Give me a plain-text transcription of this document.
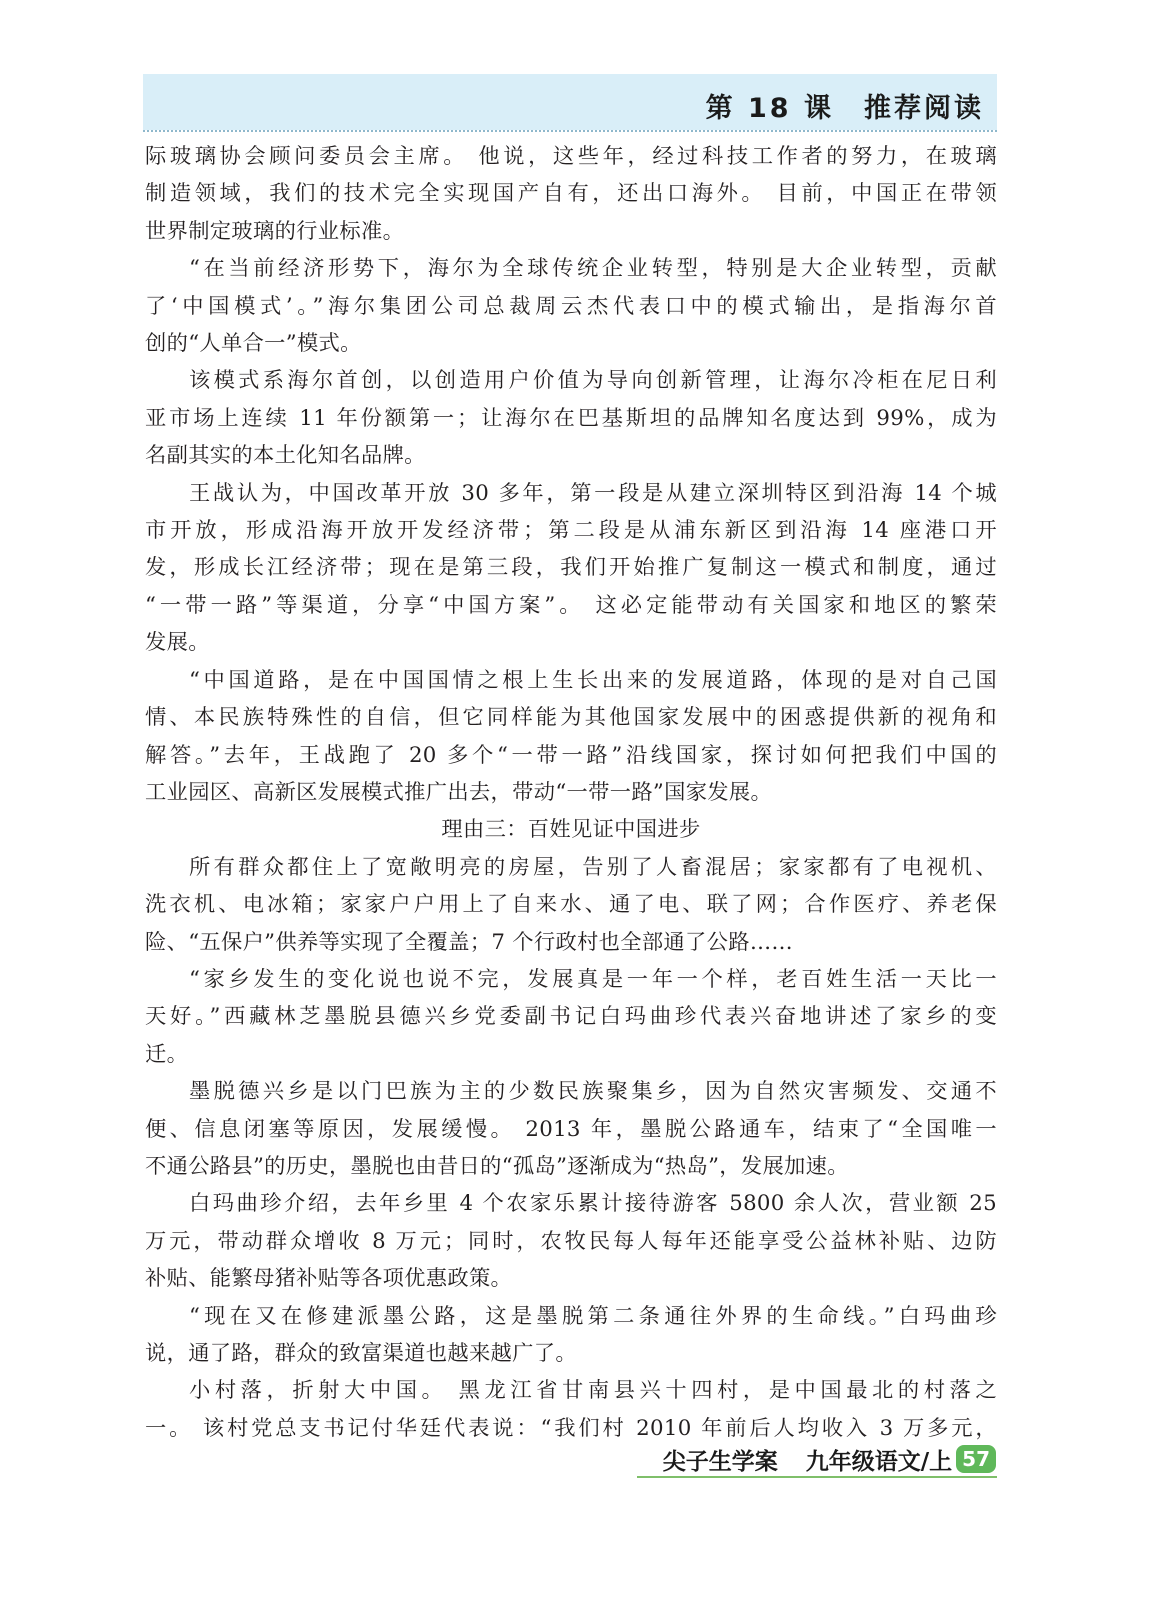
第 18 课　推荐阅读
际玻璃协会顾问委员会主席。 他说，这些年，经过科技工作者的努力，在玻璃
制造领域，我们的技术完全实现国产自有，还出口海外。 目前，中国正在带领
世界制定玻璃的行业标准。
“在当前经济形势下，海尔为全球传统企业转型，特别是大企业转型，贡献
了‘中国模式’。”海尔集团公司总裁周云杰代表口中的模式输出，是指海尔首
创的“人单合一”模式。
该模式系海尔首创，以创造用户价值为导向创新管理，让海尔冷柜在尼日利
亚市场上连续 11 年份额第一；让海尔在巴基斯坦的品牌知名度达到 99%，成为
名副其实的本土化知名品牌。
王战认为，中国改革开放 30 多年，第一段是从建立深圳特区到沿海 14 个城
市开放，形成沿海开放开发经济带；第二段是从浦东新区到沿海 14 座港口开
发，形成长江经济带；现在是第三段，我们开始推广复制这一模式和制度，通过
“一带一路”等渠道，分享“中国方案”。 这必定能带动有关国家和地区的繁荣
发展。
“中国道路，是在中国国情之根上生长出来的发展道路，体现的是对自己国
情、本民族特殊性的自信，但它同样能为其他国家发展中的困惑提供新的视角和
解答。”去年，王战跑了 20 多个“一带一路”沿线国家，探讨如何把我们中国的
工业园区、高新区发展模式推广出去，带动“一带一路”国家发展。
理由三：百姓见证中国进步
所有群众都住上了宽敞明亮的房屋，告别了人畜混居；家家都有了电视机、
洗衣机、电冰箱；家家户户用上了自来水、通了电、联了网；合作医疗、养老保
险、“五保户”供养等实现了全覆盖；7 个行政村也全部通了公路……
“家乡发生的变化说也说不完，发展真是一年一个样，老百姓生活一天比一
天好。”西藏林芝墨脱县德兴乡党委副书记白玛曲珍代表兴奋地讲述了家乡的变
迁。
墨脱德兴乡是以门巴族为主的少数民族聚集乡，因为自然灾害频发、交通不
便、信息闭塞等原因，发展缓慢。 2013 年，墨脱公路通车，结束了“全国唯一
不通公路县”的历史，墨脱也由昔日的“孤岛”逐渐成为“热岛”，发展加速。
白玛曲珍介绍，去年乡里 4 个农家乐累计接待游客 5800 余人次，营业额 25
万元，带动群众增收 8 万元；同时，农牧民每人每年还能享受公益林补贴、边防
补贴、能繁母猪补贴等各项优惠政策。
“现在又在修建派墨公路，这是墨脱第二条通往外界的生命线。”白玛曲珍
说，通了路，群众的致富渠道也越来越广了。
小村落，折射大中国。 黑龙江省甘南县兴十四村，是中国最北的村落之
一。 该村党总支书记付华廷代表说：“我们村 2010 年前后人均收入 3 万多元，
尖子生学案 九年级语文/上 57
